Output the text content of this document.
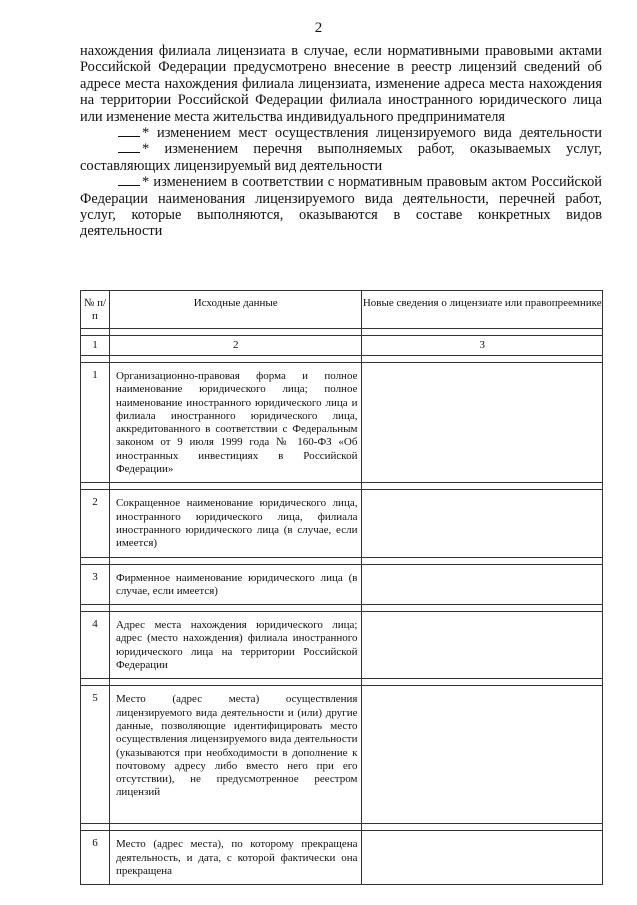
2

нахождения филиала лицензиата в случае, если нормативными правовыми актами Российской Федерации предусмотрено внесение в реестр лицензий сведений об адресе места нахождения филиала лицензиата, изменение адреса места нахождения на территории Российской Федерации филиала иностранного юридического лица или изменение места жительства индивидуального предпринимателя

* изменением мест осуществления лицензируемого вида деятельности

* изменением перечня выполняемых работ, оказываемых услуг, составляющих лицензируемый вид деятельности

* изменением в соответствии с нормативным правовым актом Российской Федерации наименования лицензируемого вида деятельности, перечней работ, услуг, которые выполняются, оказываются в составе конкретных видов деятельности

№ п/п	Исходные данные	Новые сведения о лицензиате или правопреемнике

1	2	3

1	Организационно-правовая форма и полное наименование юридического лица; полное наименование иностранного юридического лица и филиала иностранного юридического лица, аккредитованного в соответствии с Федеральным законом от 9 июля 1999 года № 160-ФЗ «Об иностранных инвестициях в Российской Федерации»	

2	Сокращенное наименование юридического лица, иностранного юридического лица, филиала иностранного юридического лица (в случае, если имеется)	

3	Фирменное наименование юридического лица (в случае, если имеется)	

4	Адрес места нахождения юридического лица; адрес (место нахождения) филиала иностранного юридического лица на территории Российской Федерации	

5	Место (адрес места) осуществления лицензируемого вида деятельности и (или) другие данные, позволяющие идентифицировать место осуществления лицензируемого вида деятельности (указываются при необходимости в дополнение к почтовому адресу либо вместо него при его отсутствии), не предусмотренное реестром лицензий	

6	Место (адрес места), по которому прекращена деятельность, и дата, с которой фактически она прекращена	
